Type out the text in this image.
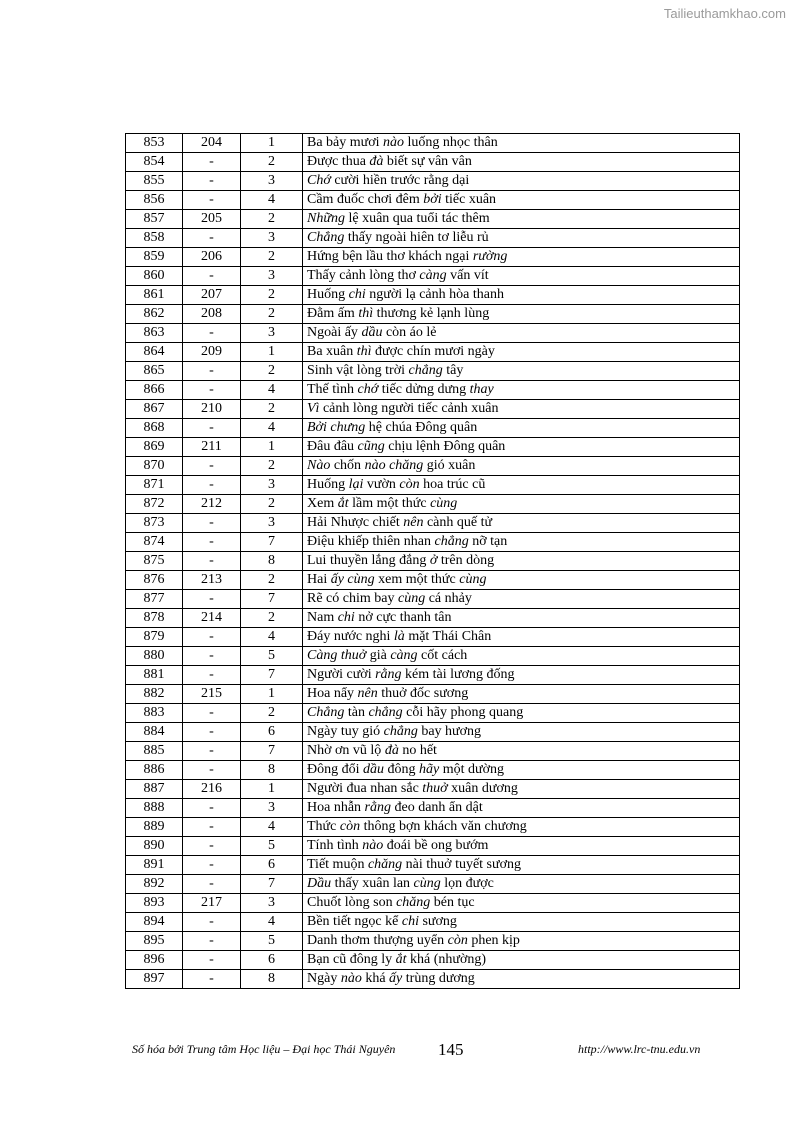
Tailieuthamkhao.com
853	204	1	Ba bảy mươi nào luống nhọc thân
854	-	2	Được thua đà biết sự vân vân
855	-	3	Chớ cười hiền trước rằng dại
856	-	4	Cầm đuốc chơi đêm bởi tiếc xuân
857	205	2	Những lệ xuân qua tuổi tác thêm
858	-	3	Chẳng thấy ngoài hiên tơ liễu rủ
859	206	2	Hứng bện lầu thơ khách ngại rường
860	-	3	Thấy cảnh lòng thơ càng vấn vít
861	207	2	Huống chi người lạ cảnh hòa thanh
862	208	2	Đằm ấm thì thương kẻ lạnh lùng
863	-	3	Ngoài ấy dầu còn áo lẻ
864	209	1	Ba xuân thì được chín mươi ngày
865	-	2	Sinh vật lòng trời chẳng tây
866	-	4	Thế tình chớ tiếc dửng dưng thay
867	210	2	Vì cảnh lòng người tiếc cảnh xuân
868	-	4	Bởi chưng hệ chúa Đông quân
869	211	1	Đâu đâu cũng chịu lệnh Đông quân
870	-	2	Nào chốn nào chăng gió xuân
871	-	3	Huống lại vườn còn hoa trúc cũ
872	212	2	Xem ắt lầm một thức cùng
873	-	3	Hải Nhược chiết nên cành quế tử
874	-	7	Điệu khiếp thiên nhan chẳng nỡ tạn
875	-	8	Lui thuyền lắng đắng ở trên dòng
876	213	2	Hai ấy cùng xem một thức cùng
877	-	7	Rẽ có chim bay cùng cá nhảy
878	214	2	Nam chi nở cực thanh tân
879	-	4	Đáy nước nghi là mặt Thái Chân
880	-	5	Càng thuở già càng cốt cách
881	-	7	Người cười rằng kém tài lương đống
882	215	1	Hoa nẩy nên thuở đốc sương
883	-	2	Chẳng tàn chẳng cỗi hãy phong quang
884	-	6	Ngày tuy gió chẳng bay hương
885	-	7	Nhờ ơn vũ lộ đà no hết
886	-	8	Đông đổi dầu đông hãy một dường
887	216	1	Người đua nhan sắc thuở xuân dương
888	-	3	Hoa nhẫn rằng đeo danh ẩn dật
889	-	4	Thức còn thông bợn khách văn chương
890	-	5	Tính tình nào đoái bề ong bướm
891	-	6	Tiết muộn chăng nài thuở tuyết sương
892	-	7	Dầu thấy xuân lan cùng lọn được
893	217	3	Chuốt lòng son chăng bén tục
894	-	4	Bền tiết ngọc kể chi sương
895	-	5	Danh thơm thượng uyển còn phen kịp
896	-	6	Bạn cũ đông ly ắt khá (nhường)
897	-	8	Ngày nào khá ấy trùng dương
Số hóa bởi Trung tâm Học liệu – Đại học Thái Nguyên	145	http://www.lrc-tnu.edu.vn
